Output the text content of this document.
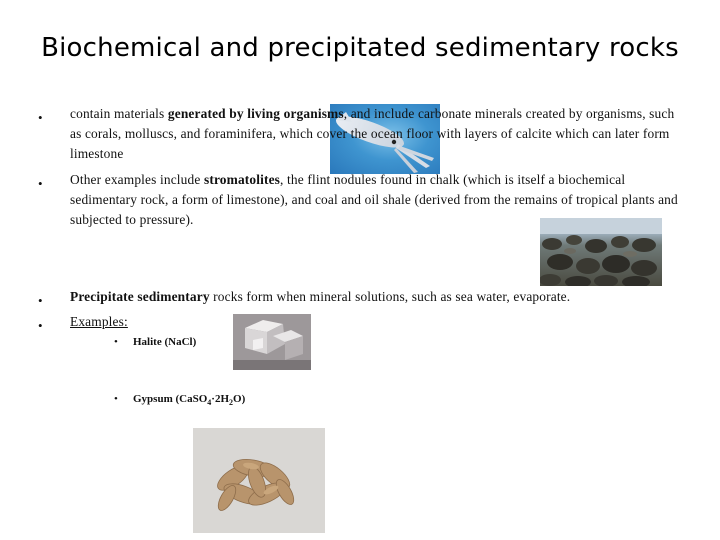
Biochemical and precipitated sedimentary rocks
• contain materials generated by living organisms, and include carbonate minerals created by organisms, such as corals, molluscs, and foraminifera, which cover the ocean floor with layers of calcite which can later form limestone
• Other examples include stromatolites, the flint nodules found in chalk (which is itself a biochemical sedimentary rock, a form of limestone), and coal and oil shale (derived from the remains of tropical plants and subjected to pressure).
• Precipitate sedimentary rocks form when mineral solutions, such as sea water, evaporate.
• Examples:
• Halite (NaCl)
• Gypsum $(CaSO_4\cdot 2H_2O)$
